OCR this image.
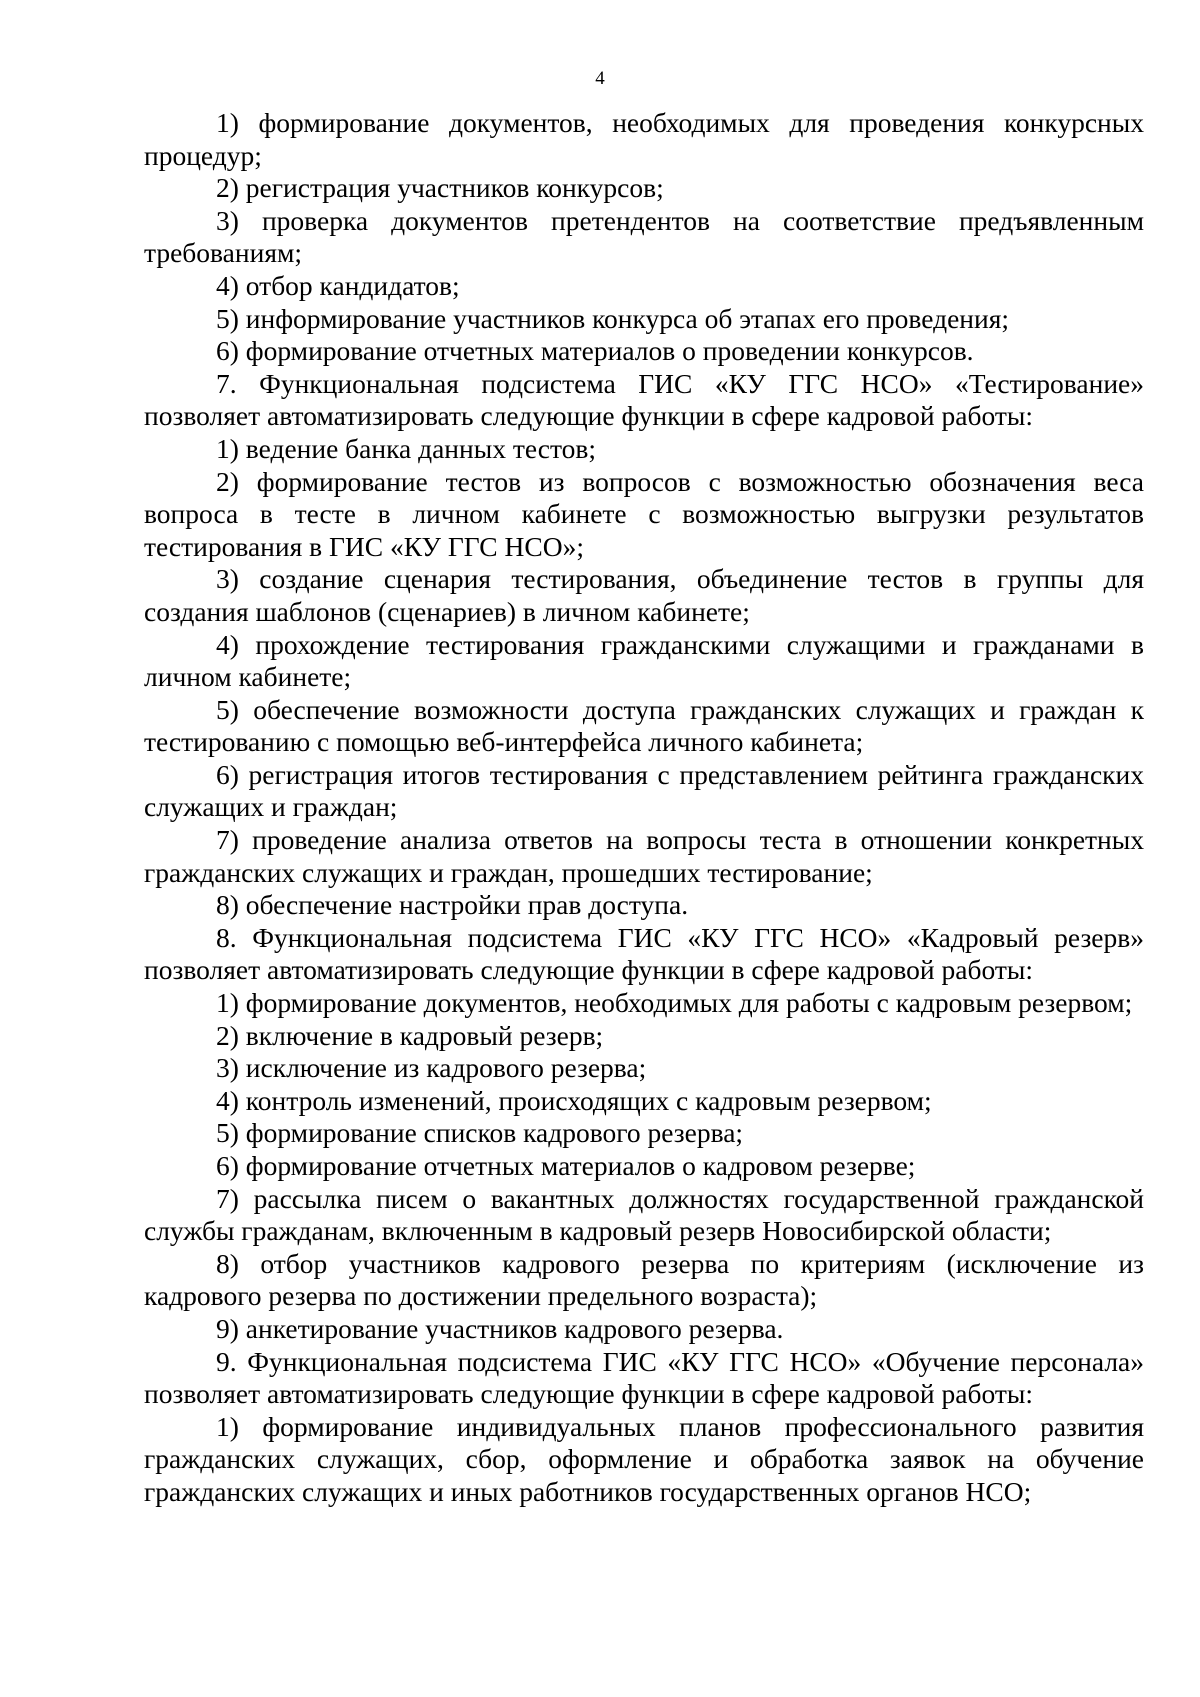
4

1) формирование документов, необходимых для проведения конкурсных процедур;

2) регистрация участников конкурсов;

3) проверка документов претендентов на соответствие предъявленным требованиям;

4) отбор кандидатов;

5) информирование участников конкурса об этапах его проведения;

6) формирование отчетных материалов о проведении конкурсов.

7. Функциональная подсистема ГИС «КУ ГГС НСО» «Тестирование» позволяет автоматизировать следующие функции в сфере кадровой работы:

1) ведение банка данных тестов;

2) формирование тестов из вопросов с возможностью обозначения веса вопроса в тесте в личном кабинете с возможностью выгрузки результатов тестирования в ГИС «КУ ГГС НСО»;

3) создание сценария тестирования, объединение тестов в группы для создания шаблонов (сценариев) в личном кабинете;

4) прохождение тестирования гражданскими служащими и гражданами в личном кабинете;

5) обеспечение возможности доступа гражданских служащих и граждан к тестированию с помощью веб-интерфейса личного кабинета;

6) регистрация итогов тестирования с представлением рейтинга гражданских служащих и граждан;

7) проведение анализа ответов на вопросы теста в отношении конкретных гражданских служащих и граждан, прошедших тестирование;

8) обеспечение настройки прав доступа.

8. Функциональная подсистема ГИС «КУ ГГС НСО» «Кадровый резерв» позволяет автоматизировать следующие функции в сфере кадровой работы:

1) формирование документов, необходимых для работы с кадровым резервом;

2) включение в кадровый резерв;

3) исключение из кадрового резерва;

4) контроль изменений, происходящих с кадровым резервом;

5) формирование списков кадрового резерва;

6) формирование отчетных материалов о кадровом резерве;

7) рассылка писем о вакантных должностях государственной гражданской службы гражданам, включенным в кадровый резерв Новосибирской области;

8) отбор участников кадрового резерва по критериям (исключение из кадрового резерва по достижении предельного возраста);

9) анкетирование участников кадрового резерва.

9. Функциональная подсистема ГИС «КУ ГГС НСО» «Обучение персонала» позволяет автоматизировать следующие функции в сфере кадровой работы:

1) формирование индивидуальных планов профессионального развития гражданских служащих, сбор, оформление и обработка заявок на обучение гражданских служащих и иных работников государственных органов НСО;
